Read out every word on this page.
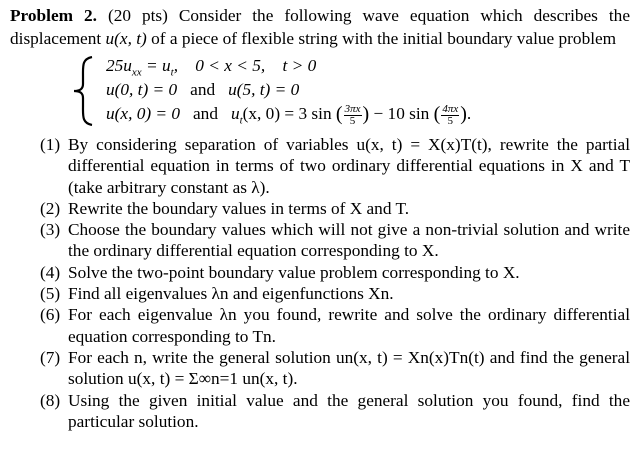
Problem 2. (20 pts) Consider the following wave equation which describes the displacement u(x, t) of a piece of flexible string with the initial boundary value problem

$25u_{xx} = u_t$,    0 < x < 5,    t > 0
u(0, t) = 0 and u(5, t) = 0
u(x, 0) = 0 and $u_t(x$, 0) = 3 sin ( $\frac{3\pi x}{5}$ ) − 10 sin ( $\frac{4\pi x}{5}$ ).
(1) By considering separation of variables u(x, t) = X(x)T(t), rewrite the partial differential equation in terms of two ordinary differential equations in X and T (take arbitrary constant as λ).
(2) Rewrite the boundary values in terms of X and T.
(3) Choose the boundary values which will not give a non-trivial solution and write the ordinary differential equation corresponding to X.
(4) Solve the two-point boundary value problem corresponding to X.
(5) Find all eigenvalues λn and eigenfunctions Xn.
(6) For each eigenvalue λn you found, rewrite and solve the ordinary differential equation corresponding to Tn.
(7) For each n, write the general solution un(x, t) = Xn(x)Tn(t) and find the general solution u(x, t) = Σ∞n=1 un(x, t).
(8) Using the given initial value and the general solution you found, find the particular solution.
